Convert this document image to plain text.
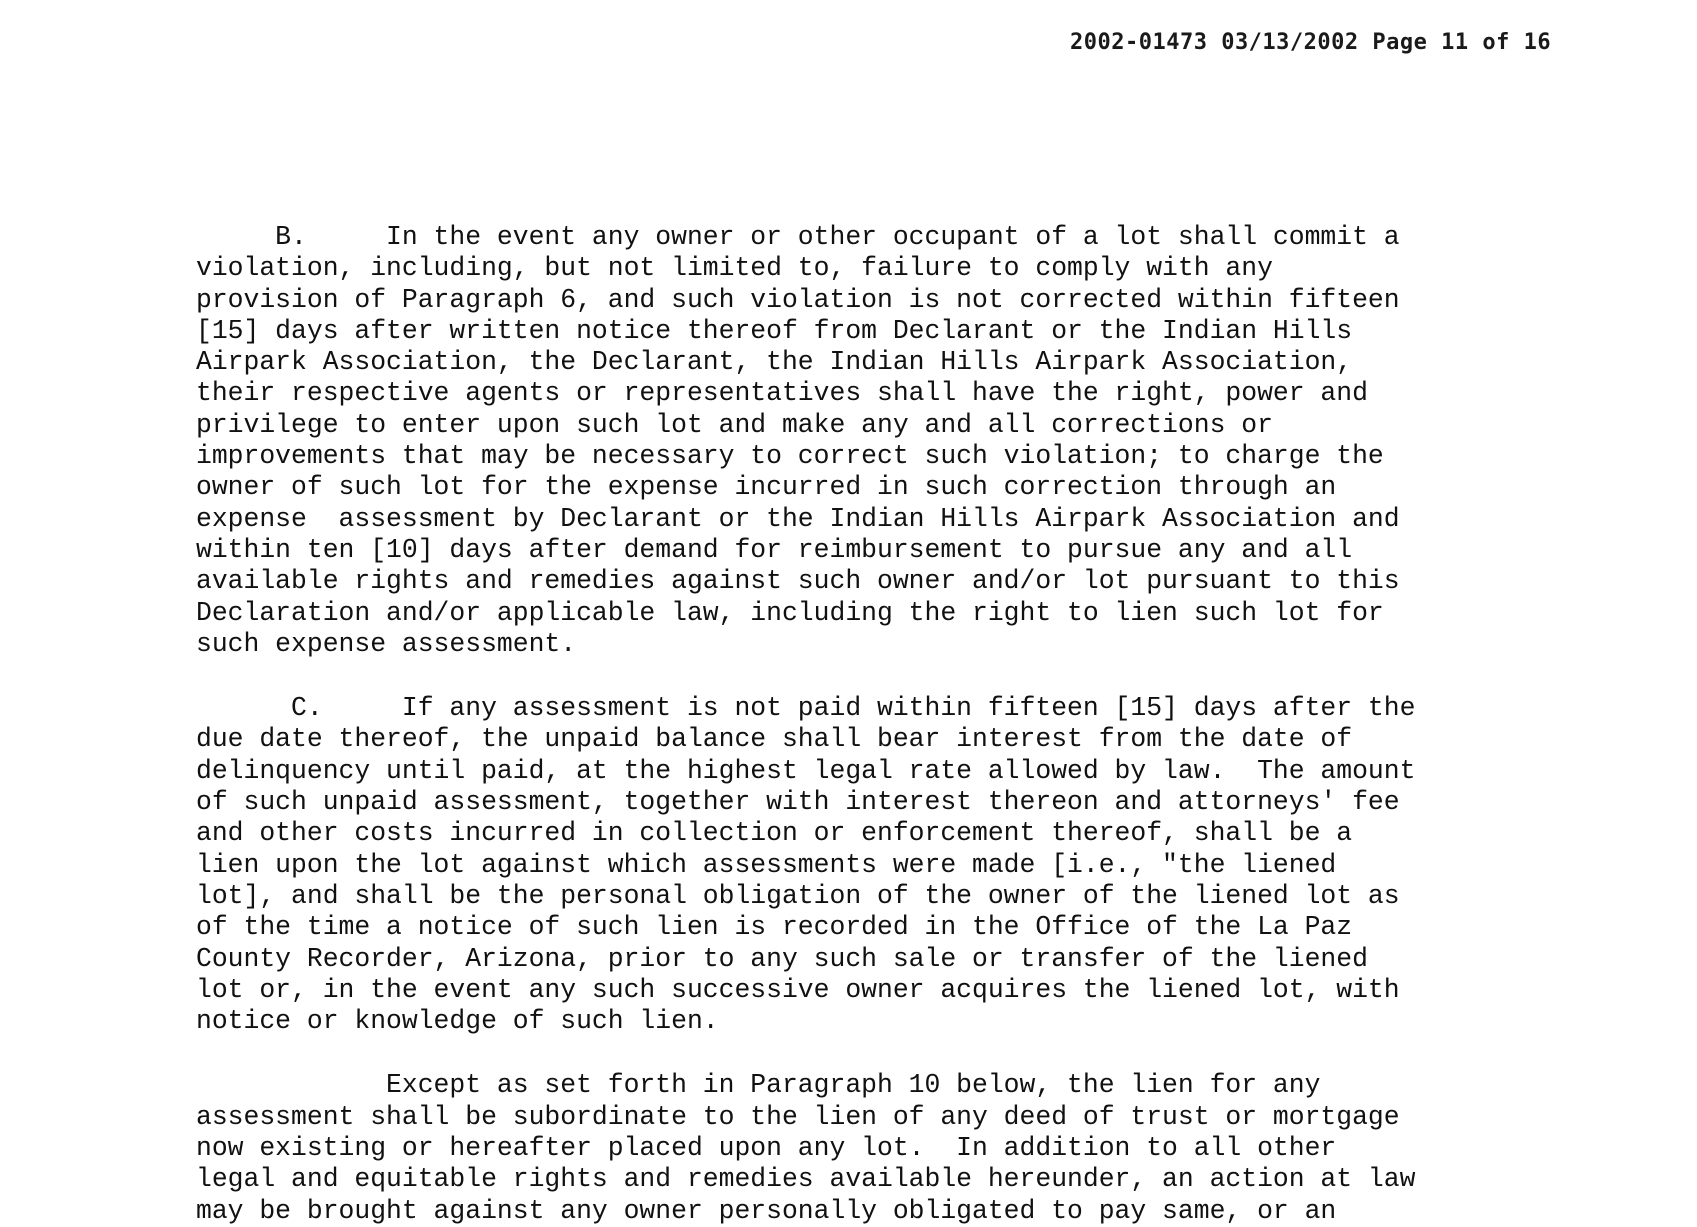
2002-01473 03/13/2002 Page 11 of 16
B.     In the event any owner or other occupant of a lot shall commit a
violation, including, but not limited to, failure to comply with any
provision of Paragraph 6, and such violation is not corrected within fifteen
[15] days after written notice thereof from Declarant or the Indian Hills
Airpark Association, the Declarant, the Indian Hills Airpark Association,
their respective agents or representatives shall have the right, power and
privilege to enter upon such lot and make any and all corrections or
improvements that may be necessary to correct such violation; to charge the
owner of such lot for the expense incurred in such correction through an
expense  assessment by Declarant or the Indian Hills Airpark Association and
within ten [10] days after demand for reimbursement to pursue any and all
available rights and remedies against such owner and/or lot pursuant to this
Declaration and/or applicable law, including the right to lien such lot for
such expense assessment.
C.     If any assessment is not paid within fifteen [15] days after the
due date thereof, the unpaid balance shall bear interest from the date of
delinquency until paid, at the highest legal rate allowed by law.  The amount
of such unpaid assessment, together with interest thereon and attorneys' fee
and other costs incurred in collection or enforcement thereof, shall be a
lien upon the lot against which assessments were made [i.e., "the liened
lot], and shall be the personal obligation of the owner of the liened lot as
of the time a notice of such lien is recorded in the Office of the La Paz
County Recorder, Arizona, prior to any such sale or transfer of the liened
lot or, in the event any such successive owner acquires the liened lot, with
notice or knowledge of such lien.
Except as set forth in Paragraph 10 below, the lien for any
assessment shall be subordinate to the lien of any deed of trust or mortgage
now existing or hereafter placed upon any lot.  In addition to all other
legal and equitable rights and remedies available hereunder, an action at law
may be brought against any owner personally obligated to pay same, or an
